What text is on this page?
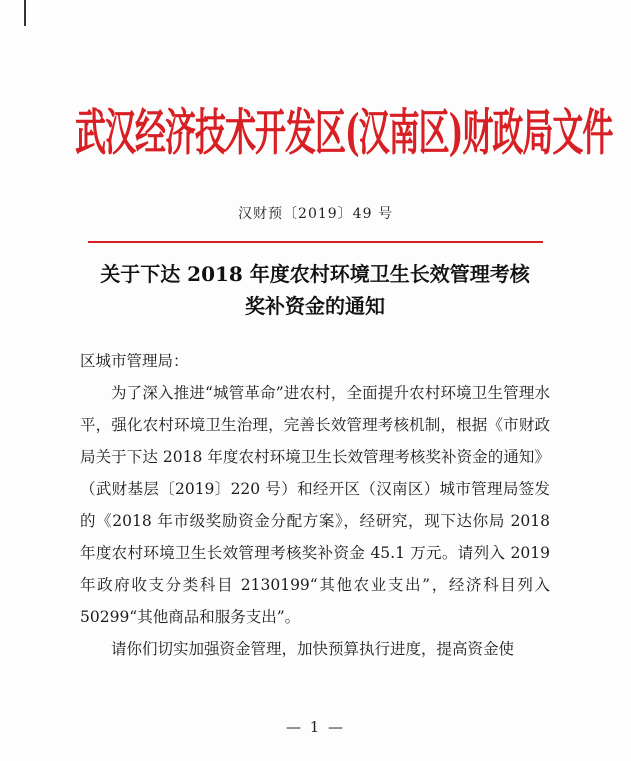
武汉经济技术开发区(汉南区)财政局文件
汉财预〔2019〕49 号
关于下达 2018 年度农村环境卫生长效管理考核
奖补资金的通知

区城市管理局：

为了深入推进“城管革命”进农村，全面提升农村环境卫生管理水平，强化农村环境卫生治理，完善长效管理考核机制，根据《市财政局关于下达 2018 年度农村环境卫生长效管理考核奖补资金的通知》（武财基层〔2019〕220 号）和经开区（汉南区）城市管理局签发的《2018 年市级奖励资金分配方案》，经研究，现下达你局 2018 年度农村环境卫生长效管理考核奖补资金 45.1 万元。请列入 2019 年政府收支分类科目 2130199“其他农业支出”，经济科目列入 50299“其他商品和服务支出”。

请你们切实加强资金管理，加快预算执行进度，提高资金使

— 1 —
